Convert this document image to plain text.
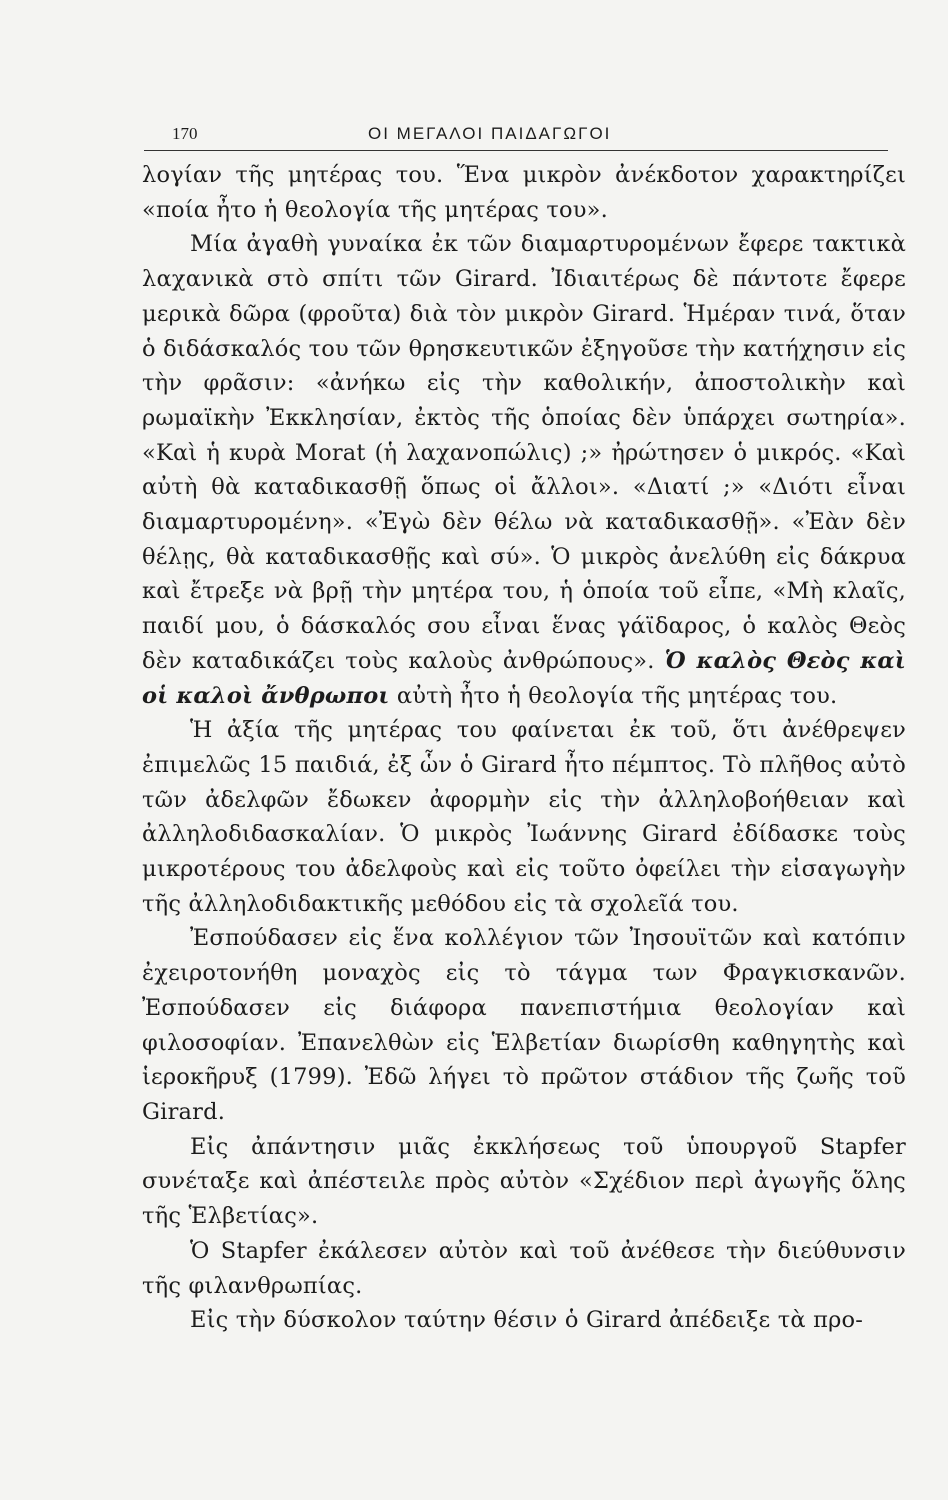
170	ΟΙ ΜΕΓΑΛΟΙ ΠΑΙΔΑΓΩΓΟΙ

λογίαν τῆς μητέρας του. Ἕνα μικρὸν ἀνέκδοτον χαρακτηρίζει «ποία ἦτο ἡ θεολογία τῆς μητέρας του».

Μία ἀγαθὴ γυναίκα ἐκ τῶν διαμαρτυρομένων ἔφερε τακτικὰ λαχανικὰ στὸ σπίτι τῶν Girard. Ἰδιαιτέρως δὲ πάντοτε ἔφερε μερικὰ δῶρα (φροῦτα) διὰ τὸν μικρὸν Girard. Ἡμέραν τινά, ὅταν ὁ διδάσκαλός του τῶν θρησκευτικῶν ἐξηγοῦσε τὴν κατήχησιν εἰς τὴν φρᾶσιν: «ἀνήκω εἰς τὴν καθολικήν, ἀποστολικὴν καὶ ρωμαϊκὴν Ἐκκλησίαν, ἐκτὸς τῆς ὁποίας δὲν ὑπάρχει σωτηρία». «Καὶ ἡ κυρὰ Morat (ἡ λαχανοπώλις) ;» ἠρώτησεν ὁ μικρός. «Καὶ αὐτὴ θὰ καταδικασθῇ ὅπως οἱ ἄλλοι». «Διατί ;» «Διότι εἶναι διαμαρτυρομένη». «Ἐγὼ δὲν θέλω νὰ καταδικασθῇ». «Ἐὰν δὲν θέλῃς, θὰ καταδικασθῇς καὶ σύ». Ὁ μικρὸς ἀνελύθη εἰς δάκρυα καὶ ἔτρεξε νὰ βρῇ τὴν μητέρα του, ἡ ὁποία τοῦ εἶπε, «Μὴ κλαῖς, παιδί μου, ὁ δάσκαλός σου εἶναι ἕνας γάϊδαρος, ὁ καλὸς Θεὸς δὲν καταδικάζει τοὺς καλοὺς ἀνθρώπους». Ὁ καλὸς Θεὸς καὶ οἱ καλοὶ ἄνθρωποι αὐτὴ ἦτο ἡ θεολογία τῆς μητέρας του.

Ἡ ἀξία τῆς μητέρας του φαίνεται ἐκ τοῦ, ὅτι ἀνέθρεψεν ἐπιμελῶς 15 παιδιά, ἐξ ὧν ὁ Girard ἦτο πέμπτος. Τὸ πλῆθος αὐτὸ τῶν ἀδελφῶν ἔδωκεν ἀφορμὴν εἰς τὴν ἀλληλοβοήθειαν καὶ ἀλληλοδιδασκαλίαν. Ὁ μικρὸς Ἰωάννης Girard ἐδίδασκε τοὺς μικροτέρους του ἀδελφοὺς καὶ εἰς τοῦτο ὀφείλει τὴν εἰσαγωγὴν τῆς ἀλληλοδιδακτικῆς μεθόδου εἰς τὰ σχολεῖά του.

Ἐσπούδασεν εἰς ἕνα κολλέγιον τῶν Ἰησουϊτῶν καὶ κατόπιν ἐχειροτονήθη μοναχὸς εἰς τὸ τάγμα των Φραγκισκανῶν. Ἐσπούδασεν εἰς διάφορα πανεπιστήμια θεολογίαν καὶ φιλοσοφίαν. Ἐπανελθὼν εἰς Ἑλβετίαν διωρίσθη καθηγητὴς καὶ ἱεροκῆρυξ (1799). Ἐδῶ λήγει τὸ πρῶτον στάδιον τῆς ζωῆς τοῦ Girard.

Εἰς ἀπάντησιν μιᾶς ἐκκλήσεως τοῦ ὑπουργοῦ Stapfer συνέταξε καὶ ἀπέστειλε πρὸς αὐτὸν «Σχέδιον περὶ ἀγωγῆς ὅλης τῆς Ἑλβετίας».

Ὁ Stapfer ἐκάλεσεν αὐτὸν καὶ τοῦ ἀνέθεσε τὴν διεύθυνσιν τῆς φιλανθρωπίας.

Εἰς τὴν δύσκολον ταύτην θέσιν ὁ Girard ἀπέδειξε τὰ προ-
